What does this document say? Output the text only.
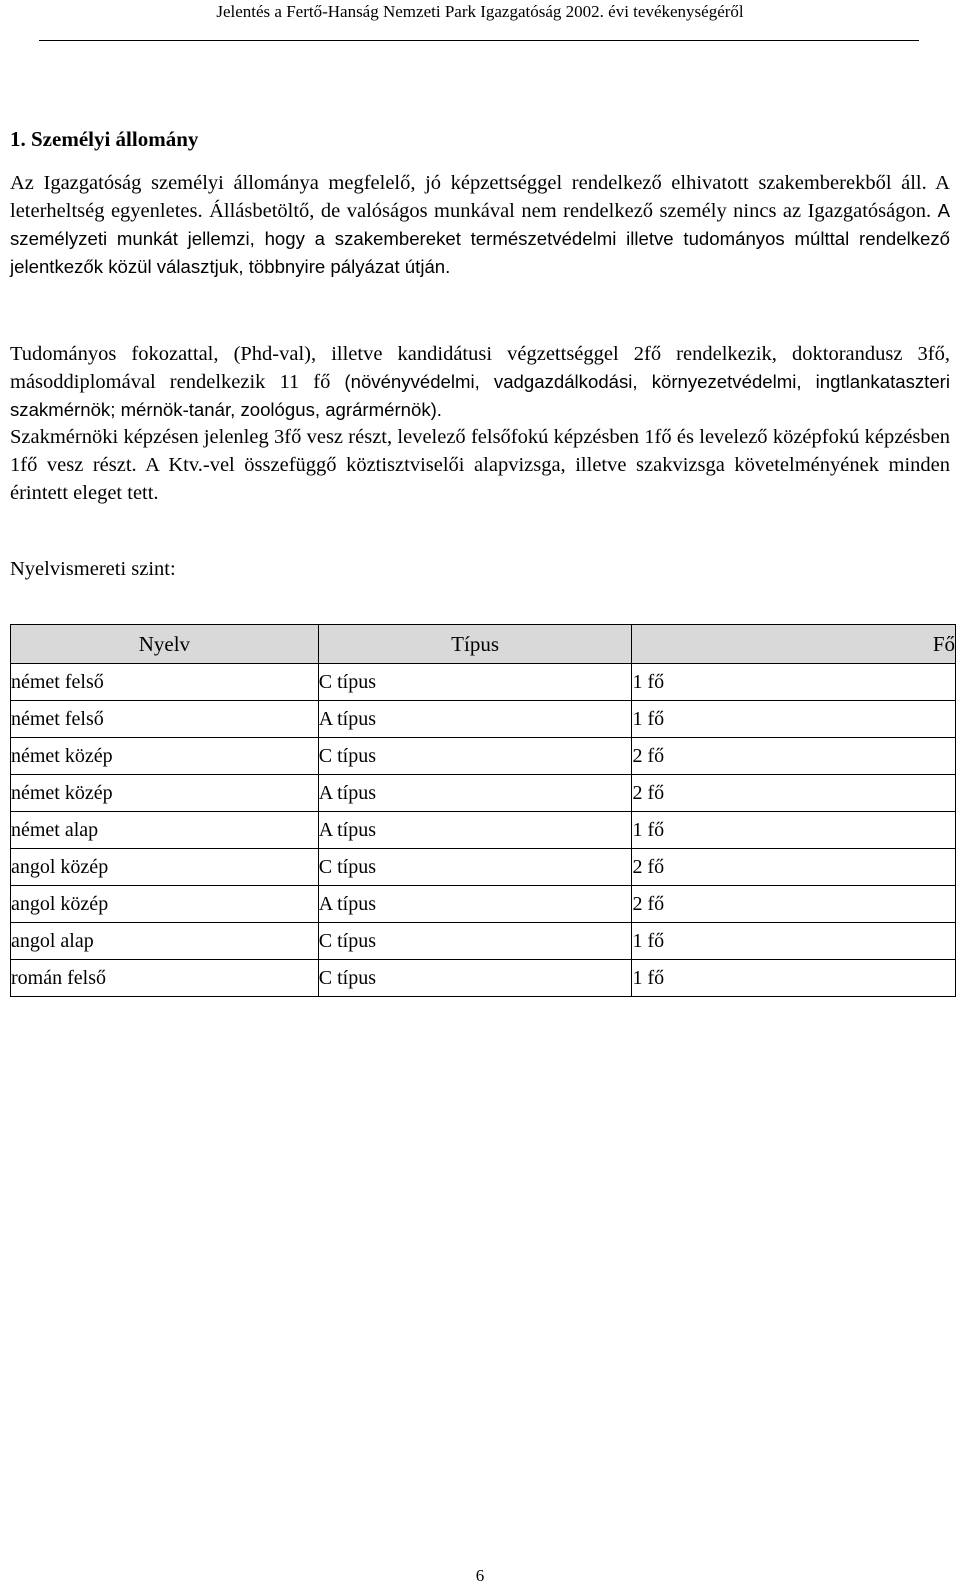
Jelentés a Fertő-Hanság Nemzeti Park Igazgatóság 2002. évi tevékenységéről
1. Személyi állomány

Az Igazgatóság személyi állománya megfelelő, jó képzettséggel rendelkező elhivatott szakemberekből áll. A leterheltség egyenletes. Állásbetöltő, de valóságos munkával nem rendelkező személy nincs az Igazgatóságon. A személyzeti munkát jellemzi, hogy a szakembereket természetvédelmi illetve tudományos múlttal rendelkező jelentkezők közül választjuk, többnyire pályázat útján.

Tudományos fokozattal, (Phd-val), illetve kandidátusi végzettséggel 2fő rendelkezik, doktorandusz 3fő, másoddiplomával rendelkezik 11 fő (növényvédelmi, vadgazdálkodási, környezetvédelmi, ingtlankataszteri szakmérnök; mérnök-tanár, zoológus, agrármérnök).

Szakmérnöki képzésen jelenleg 3fő vesz részt, levelező felsőfokú képzésben 1fő és levelező középfokú képzésben 1fő vesz részt. A Ktv.-vel összefüggő köztisztviselői alapvizsga, illetve szakvizsga követelményének minden érintett eleget tett.

Nyelvismereti szint:
Nyelv	Típus	Fő
német felső	C típus	1 fő
német felső	A típus	1 fő
német közép	C típus	2 fő
német közép	A típus	2 fő
német alap	A típus	1 fő
angol közép	C típus	2 fő
angol közép	A típus	2 fő
angol alap	C típus	1 fő
román felső	C típus	1 fő
6
